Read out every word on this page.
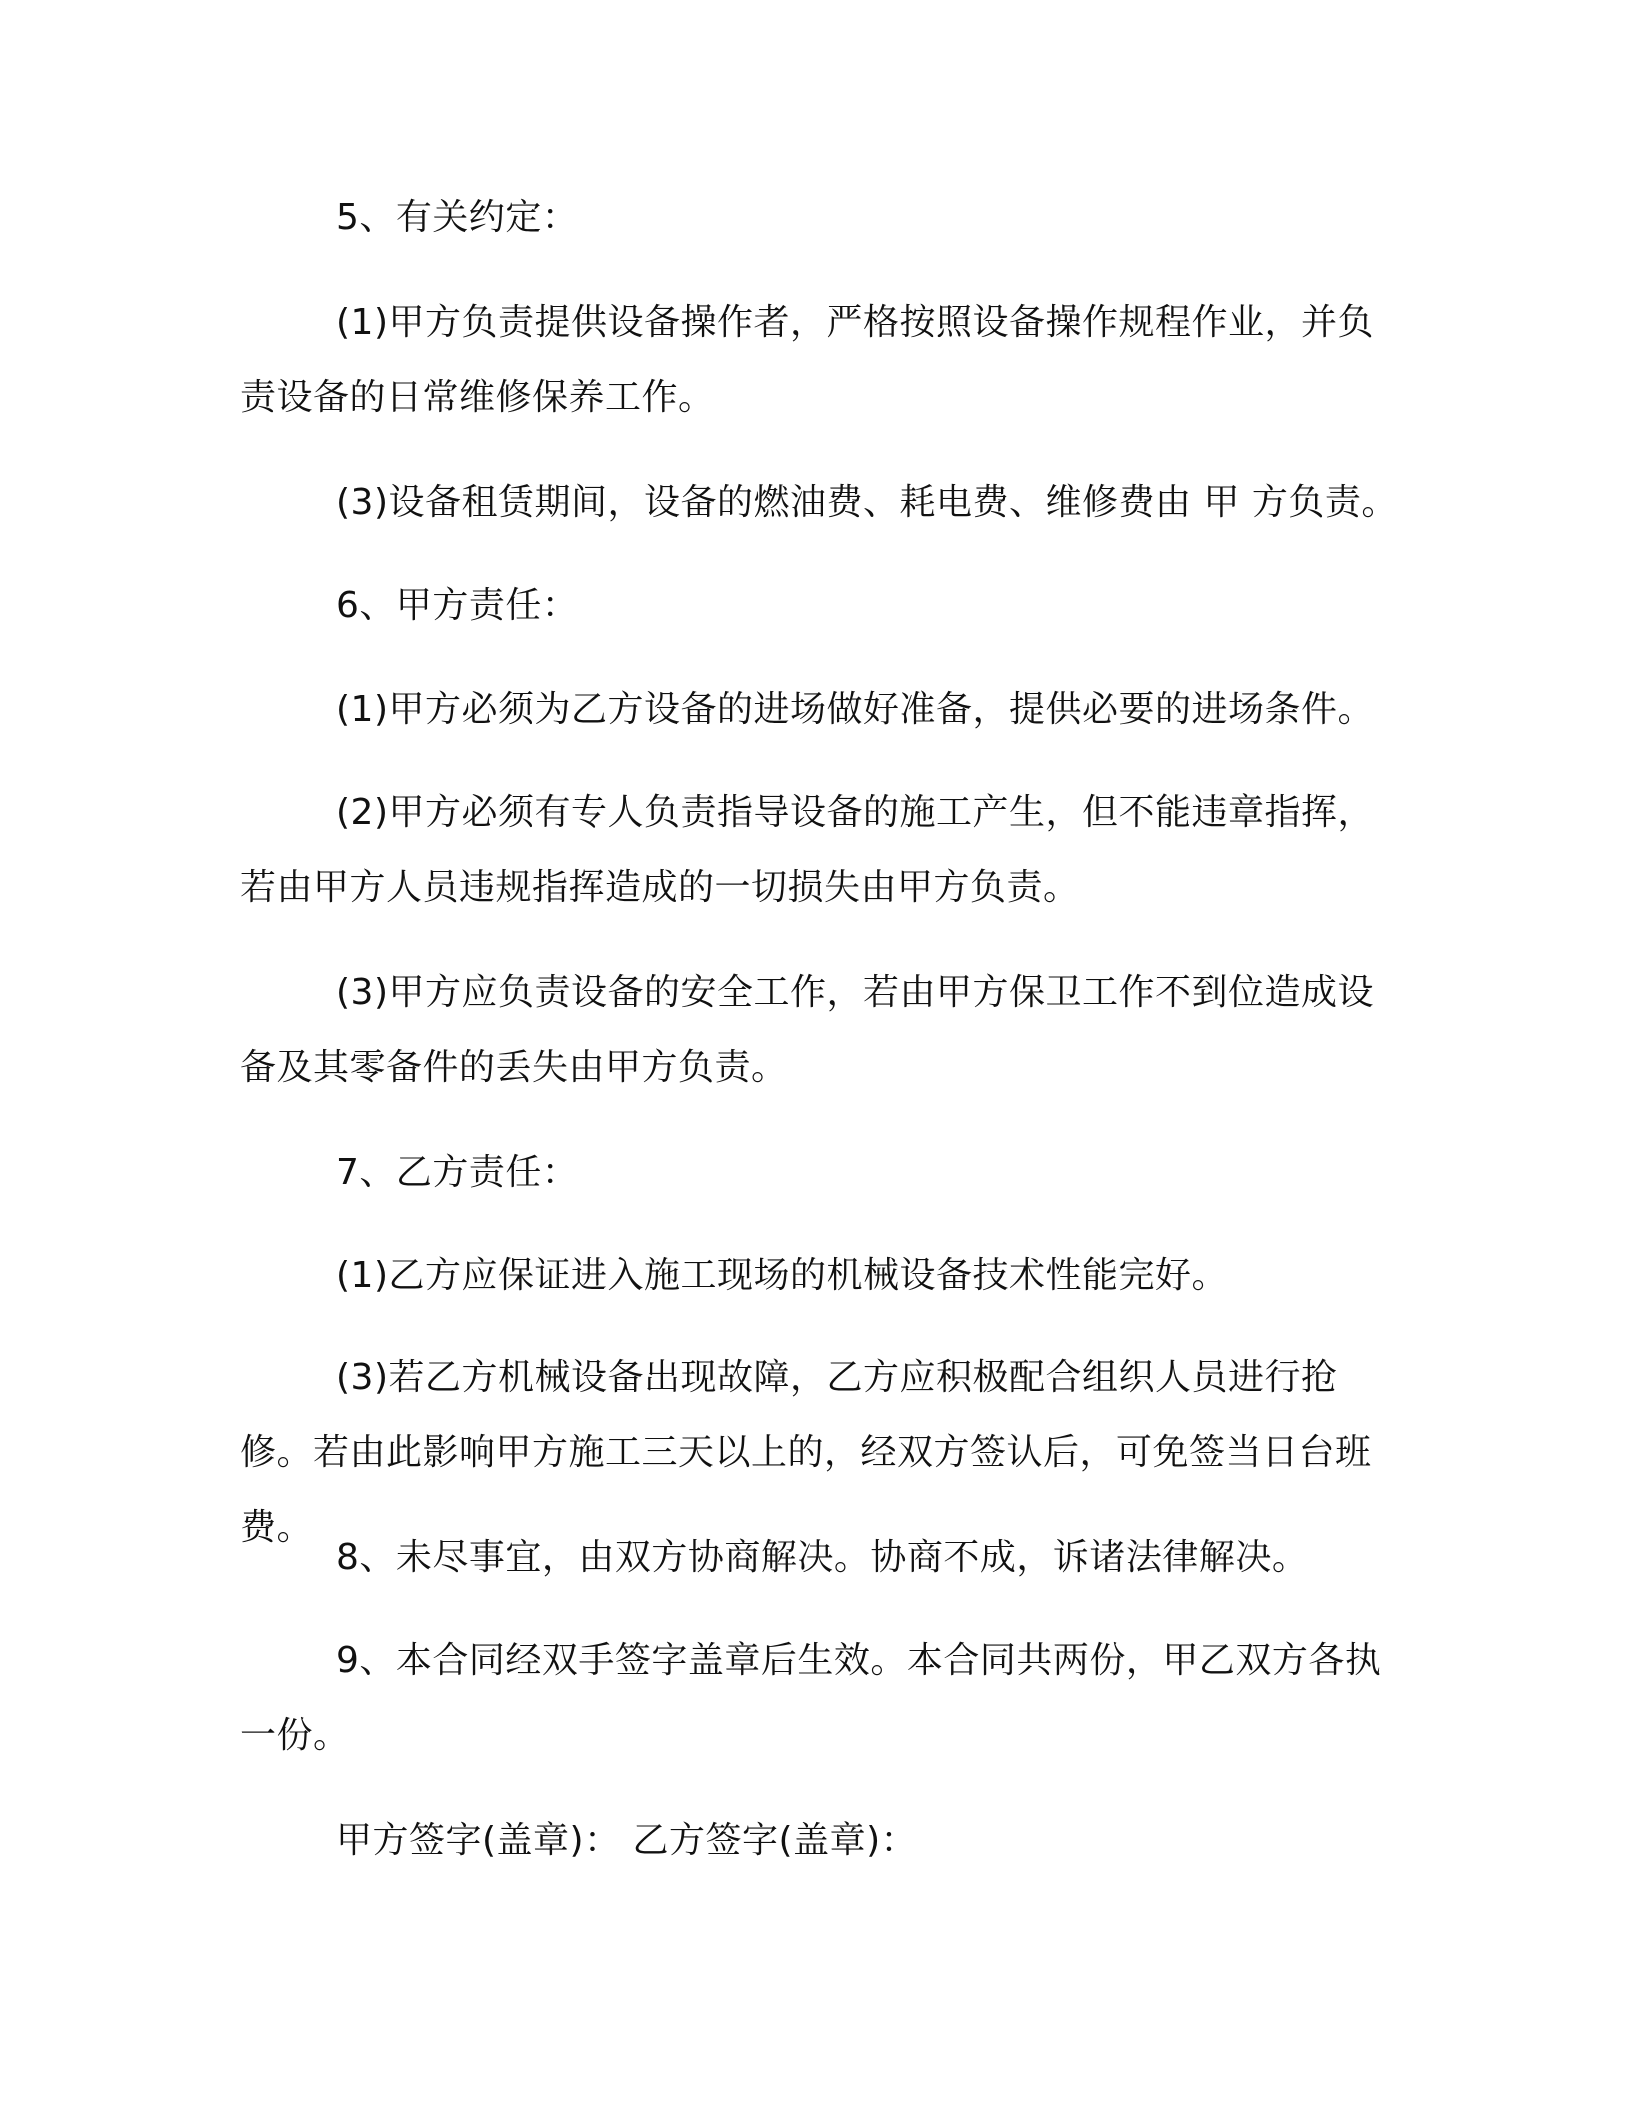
5、有关约定：

(1)甲方负责提供设备操作者，严格按照设备操作规程作业，并负责设备的日常维修保养工作。

(3)设备租赁期间，设备的燃油费、耗电费、维修费由 甲 方负责。

6、甲方责任：

(1)甲方必须为乙方设备的进场做好准备，提供必要的进场条件。

(2)甲方必须有专人负责指导设备的施工产生，但不能违章指挥，若由甲方人员违规指挥造成的一切损失由甲方负责。

(3)甲方应负责设备的安全工作，若由甲方保卫工作不到位造成设备及其零备件的丢失由甲方负责。

7、乙方责任：

(1)乙方应保证进入施工现场的机械设备技术性能完好。

(3)若乙方机械设备出现故障，乙方应积极配合组织人员进行抢修。若由此影响甲方施工三天以上的，经双方签认后，可免签当日台班费。

8、未尽事宜，由双方协商解决。协商不成，诉诸法律解决。

9、本合同经双手签字盖章后生效。本合同共两份，甲乙双方各执一份。

甲方签字(盖章)： 乙方签字(盖章)：
